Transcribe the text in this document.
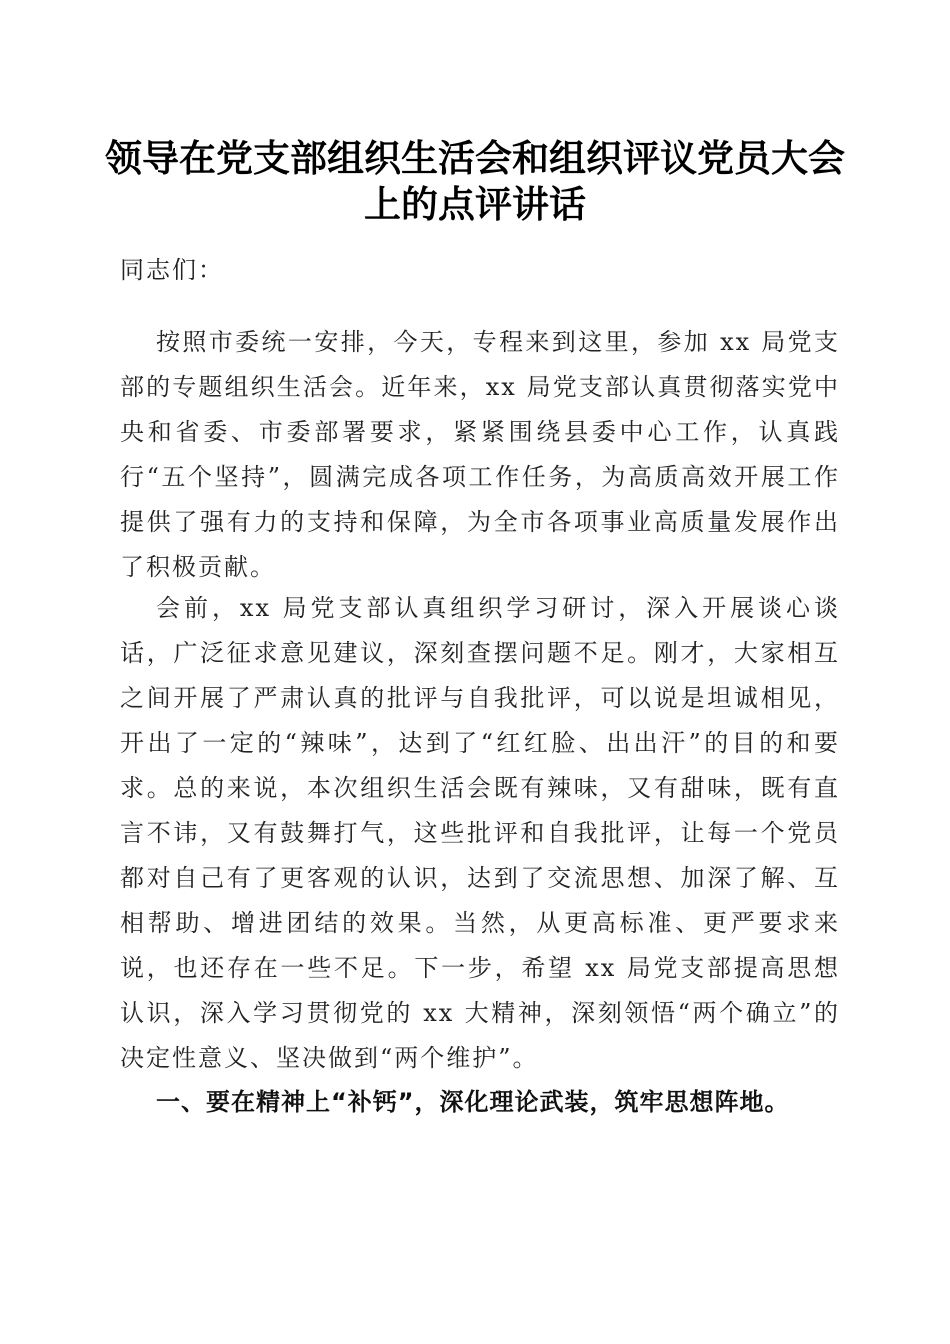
领导在党支部组织生活会和组织评议党员大会
上的点评讲话

同志们：

按照市委统一安排，今天，专程来到这里，参加 xx 局党支部的专题组织生活会。近年来，xx 局党支部认真贯彻落实党中央和省委、市委部署要求，紧紧围绕县委中心工作，认真践行“五个坚持”，圆满完成各项工作任务，为高质高效开展工作提供了强有力的支持和保障，为全市各项事业高质量发展作出了积极贡献。

会前，xx 局党支部认真组织学习研讨，深入开展谈心谈话，广泛征求意见建议，深刻查摆问题不足。刚才，大家相互之间开展了严肃认真的批评与自我批评，可以说是坦诚相见，开出了一定的“辣味”，达到了“红红脸、出出汗”的目的和要求。总的来说，本次组织生活会既有辣味，又有甜味，既有直言不讳，又有鼓舞打气，这些批评和自我批评，让每一个党员都对自己有了更客观的认识，达到了交流思想、加深了解、互相帮助、增进团结的效果。当然，从更高标准、更严要求来说，也还存在一些不足。下一步，希望 xx 局党支部提高思想认识，深入学习贯彻党的 xx 大精神，深刻领悟“两个确立”的决定性意义、坚决做到“两个维护”。

一、要在精神上“补钙”，深化理论武装，筑牢思想阵地。
